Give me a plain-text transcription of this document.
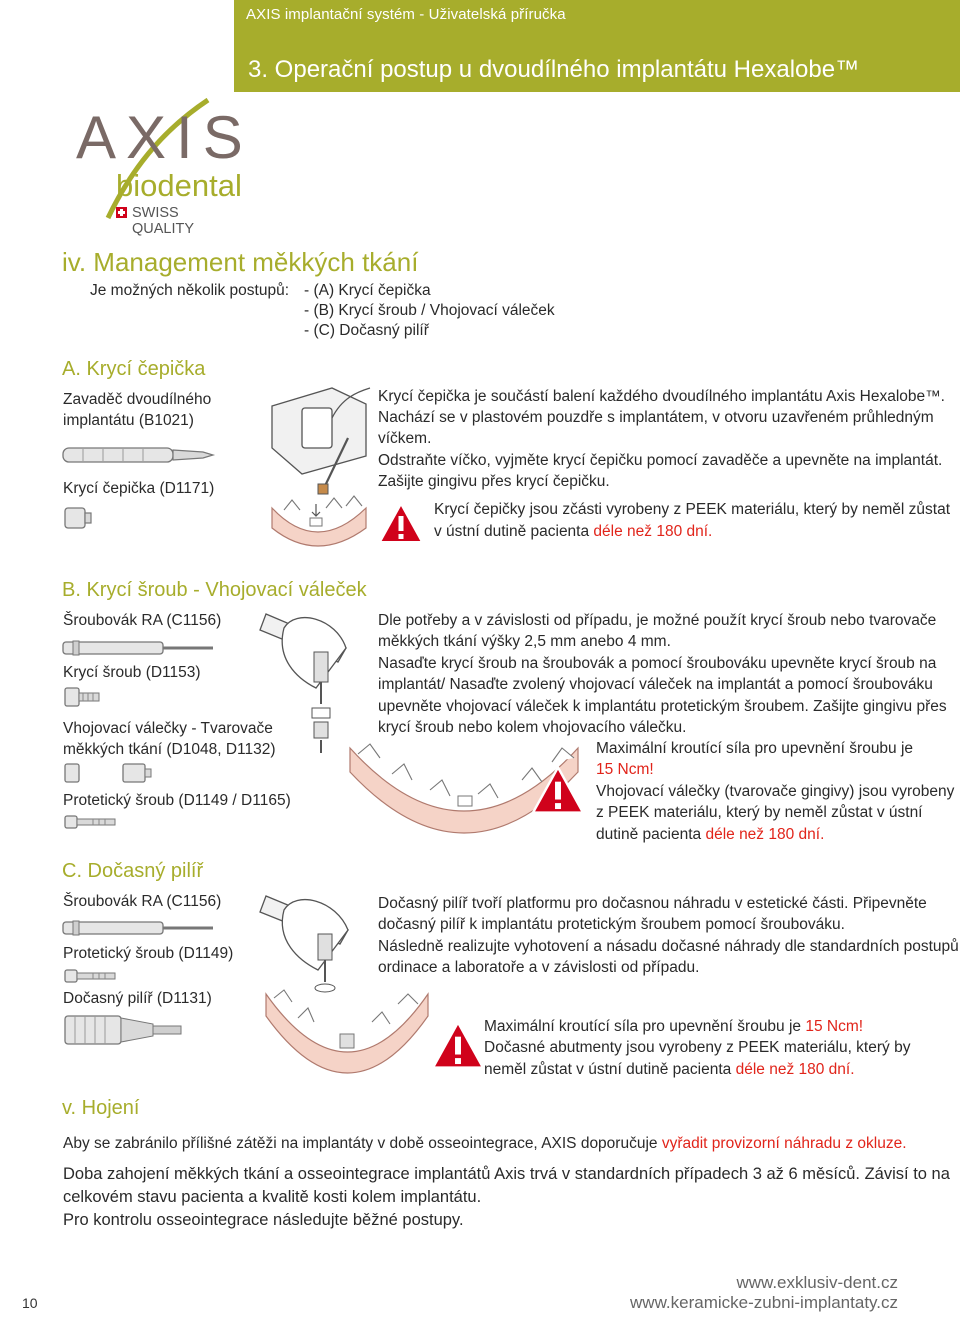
AXIS implantační systém - Uživatelská příručka
3. Operační postup u dvoudílného implantátu Hexalobe™
AXIS
biodental
SWISS QUALITY
iv. Management měkkých tkání
Je možných několik postupů: - (A) Krycí čepička
- (B) Krycí šroub / Vhojovací váleček
- (C) Dočasný pilíř
A. Krycí čepička
Zavaděč dvoudílného
implantátu (B1021)
Krycí čepička (D1171)
Krycí čepička je součástí balení každého dvoudílného implantátu Axis Hexalobe™.
Nachází se v plastovém pouzdře s implantátem, v otvoru uzavřeném průhledným
víčkem.
Odstraňte víčko, vyjměte krycí čepičku pomocí zavaděče a upevněte na implantát.
Zašijte gingivu přes krycí čepičku.
Krycí čepičky jsou zčásti vyrobeny z PEEK materiálu, který by neměl zůstat
v ústní dutině pacienta déle než 180 dní.
B. Krycí šroub - Vhojovací váleček
Šroubovák RA (C1156)
Krycí šroub (D1153)
Vhojovací válečky - Tvarovače
měkkých tkání (D1048, D1132)
Protetický šroub (D1149 / D1165)
Dle potřeby a v závislosti od případu, je možné použít krycí šroub nebo tvarovače
měkkých tkání výšky 2,5 mm anebo 4 mm.
Nasaďte krycí šroub na šroubovák a pomocí šroubováku upevněte krycí šroub na
implantát/ Nasaďte zvolený vhojovací váleček na implantát a pomocí šroubováku
upevněte vhojovací váleček k implantátu protetickým šroubem. Zašijte gingivu přes
krycí šroub nebo kolem vhojovacího válečku.
Maximální kroutící síla pro upevnění šroubu je
15 Ncm!
Vhojovací válečky (tvarovače gingivy) jsou vyrobeny
z PEEK materiálu, který by neměl zůstat v ústní
dutině pacienta déle než 180 dní.
C. Dočasný pilíř
Šroubovák RA (C1156)
Protetický šroub (D1149)
Dočasný pilíř (D1131)
Dočasný pilíř tvoří platformu pro dočasnou náhradu v estetické části. Připevněte
dočasný pilíř k implantátu protetickým šroubem pomocí šroubováku.
Následně realizujte vyhotovení a násadu dočasné náhrady dle standardních postupů
ordinace a laboratoře a v závislosti od případu.
Maximální kroutící síla pro upevnění šroubu je 15 Ncm!
Dočasné abutmenty jsou vyrobeny z PEEK materiálu, který by
neměl zůstat v ústní dutině pacienta déle než 180 dní.
v. Hojení
Aby se zabránilo přílišné zátěži na implantáty v době osseointegrace, AXIS doporučuje vyřadit provizorní náhradu z okluze.
Doba zahojení měkkých tkání a osseointegrace implantátů Axis trvá v standardních případech 3 až 6 měsíců. Závisí to na
celkovém stavu pacienta a kvalitě kosti kolem implantátu.
Pro kontrolu osseointegrace následujte běžné postupy.
10
www.exklusiv-dent.cz
www.keramicke-zubni-implantaty.cz
